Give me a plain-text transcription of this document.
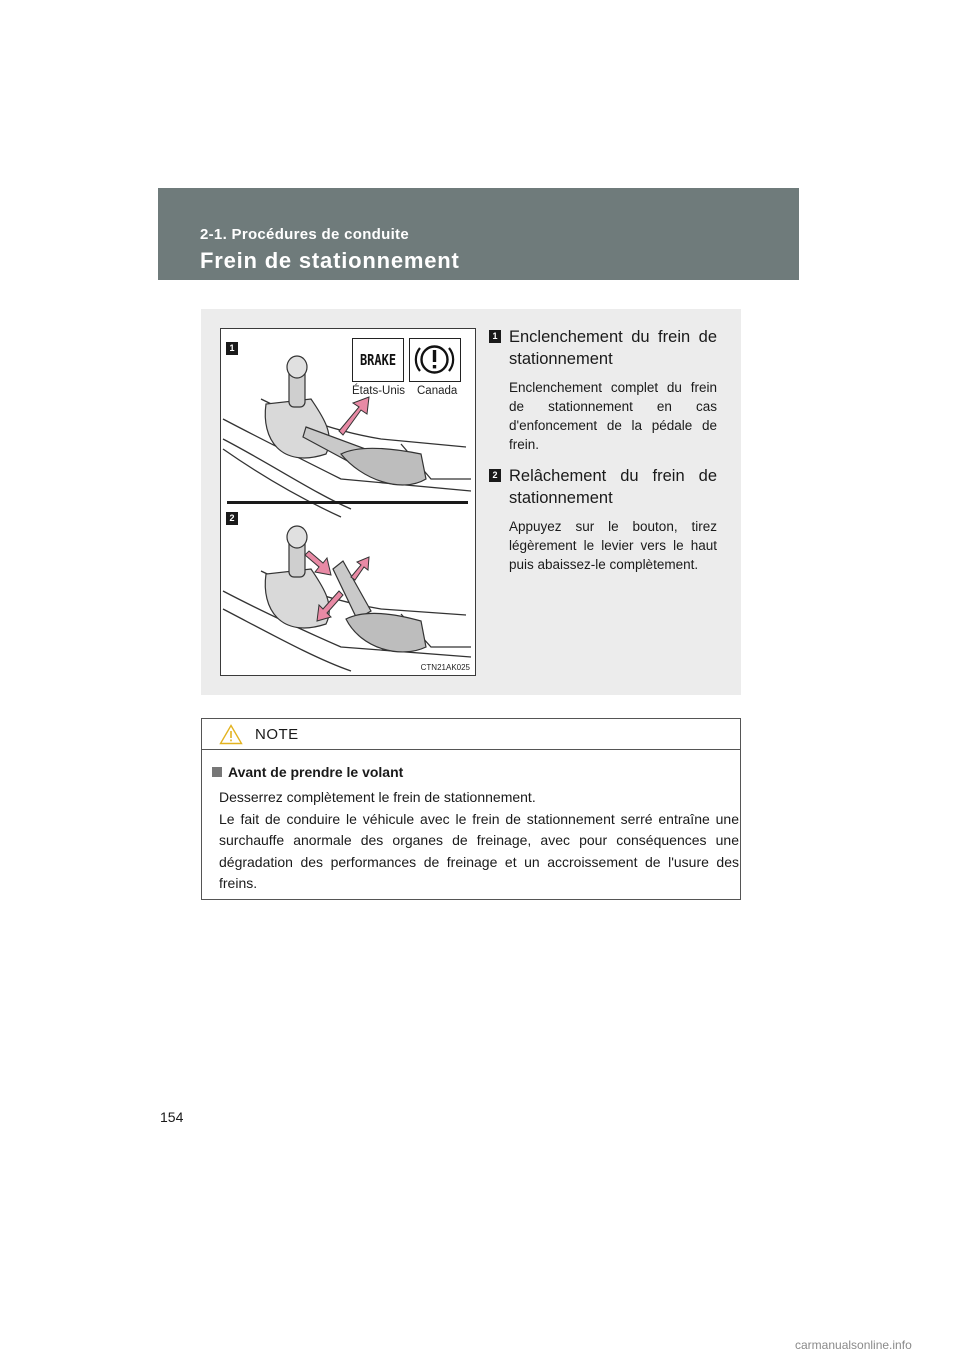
2-1. Procédures de conduite
Frein de stationnement
1
2
BRAKE
États-Unis Canada
CTN21AK025
1 Enclenchement du frein de stationnement
Enclenchement complet du frein de stationnement en cas d'enfoncement de la pédale de frein.
2 Relâchement du frein de stationnement
Appuyez sur le bouton, tirez légèrement le levier vers le haut puis abaissez-le complètement.
NOTE
Avant de prendre le volant
Desserrez complètement le frein de stationnement.
Le fait de conduire le véhicule avec le frein de stationnement serré entraîne une surchauffe anormale des organes de freinage, avec pour conséquences une dégradation des performances de freinage et un accroissement de l'usure des freins.
154
carmanualsonline.info
